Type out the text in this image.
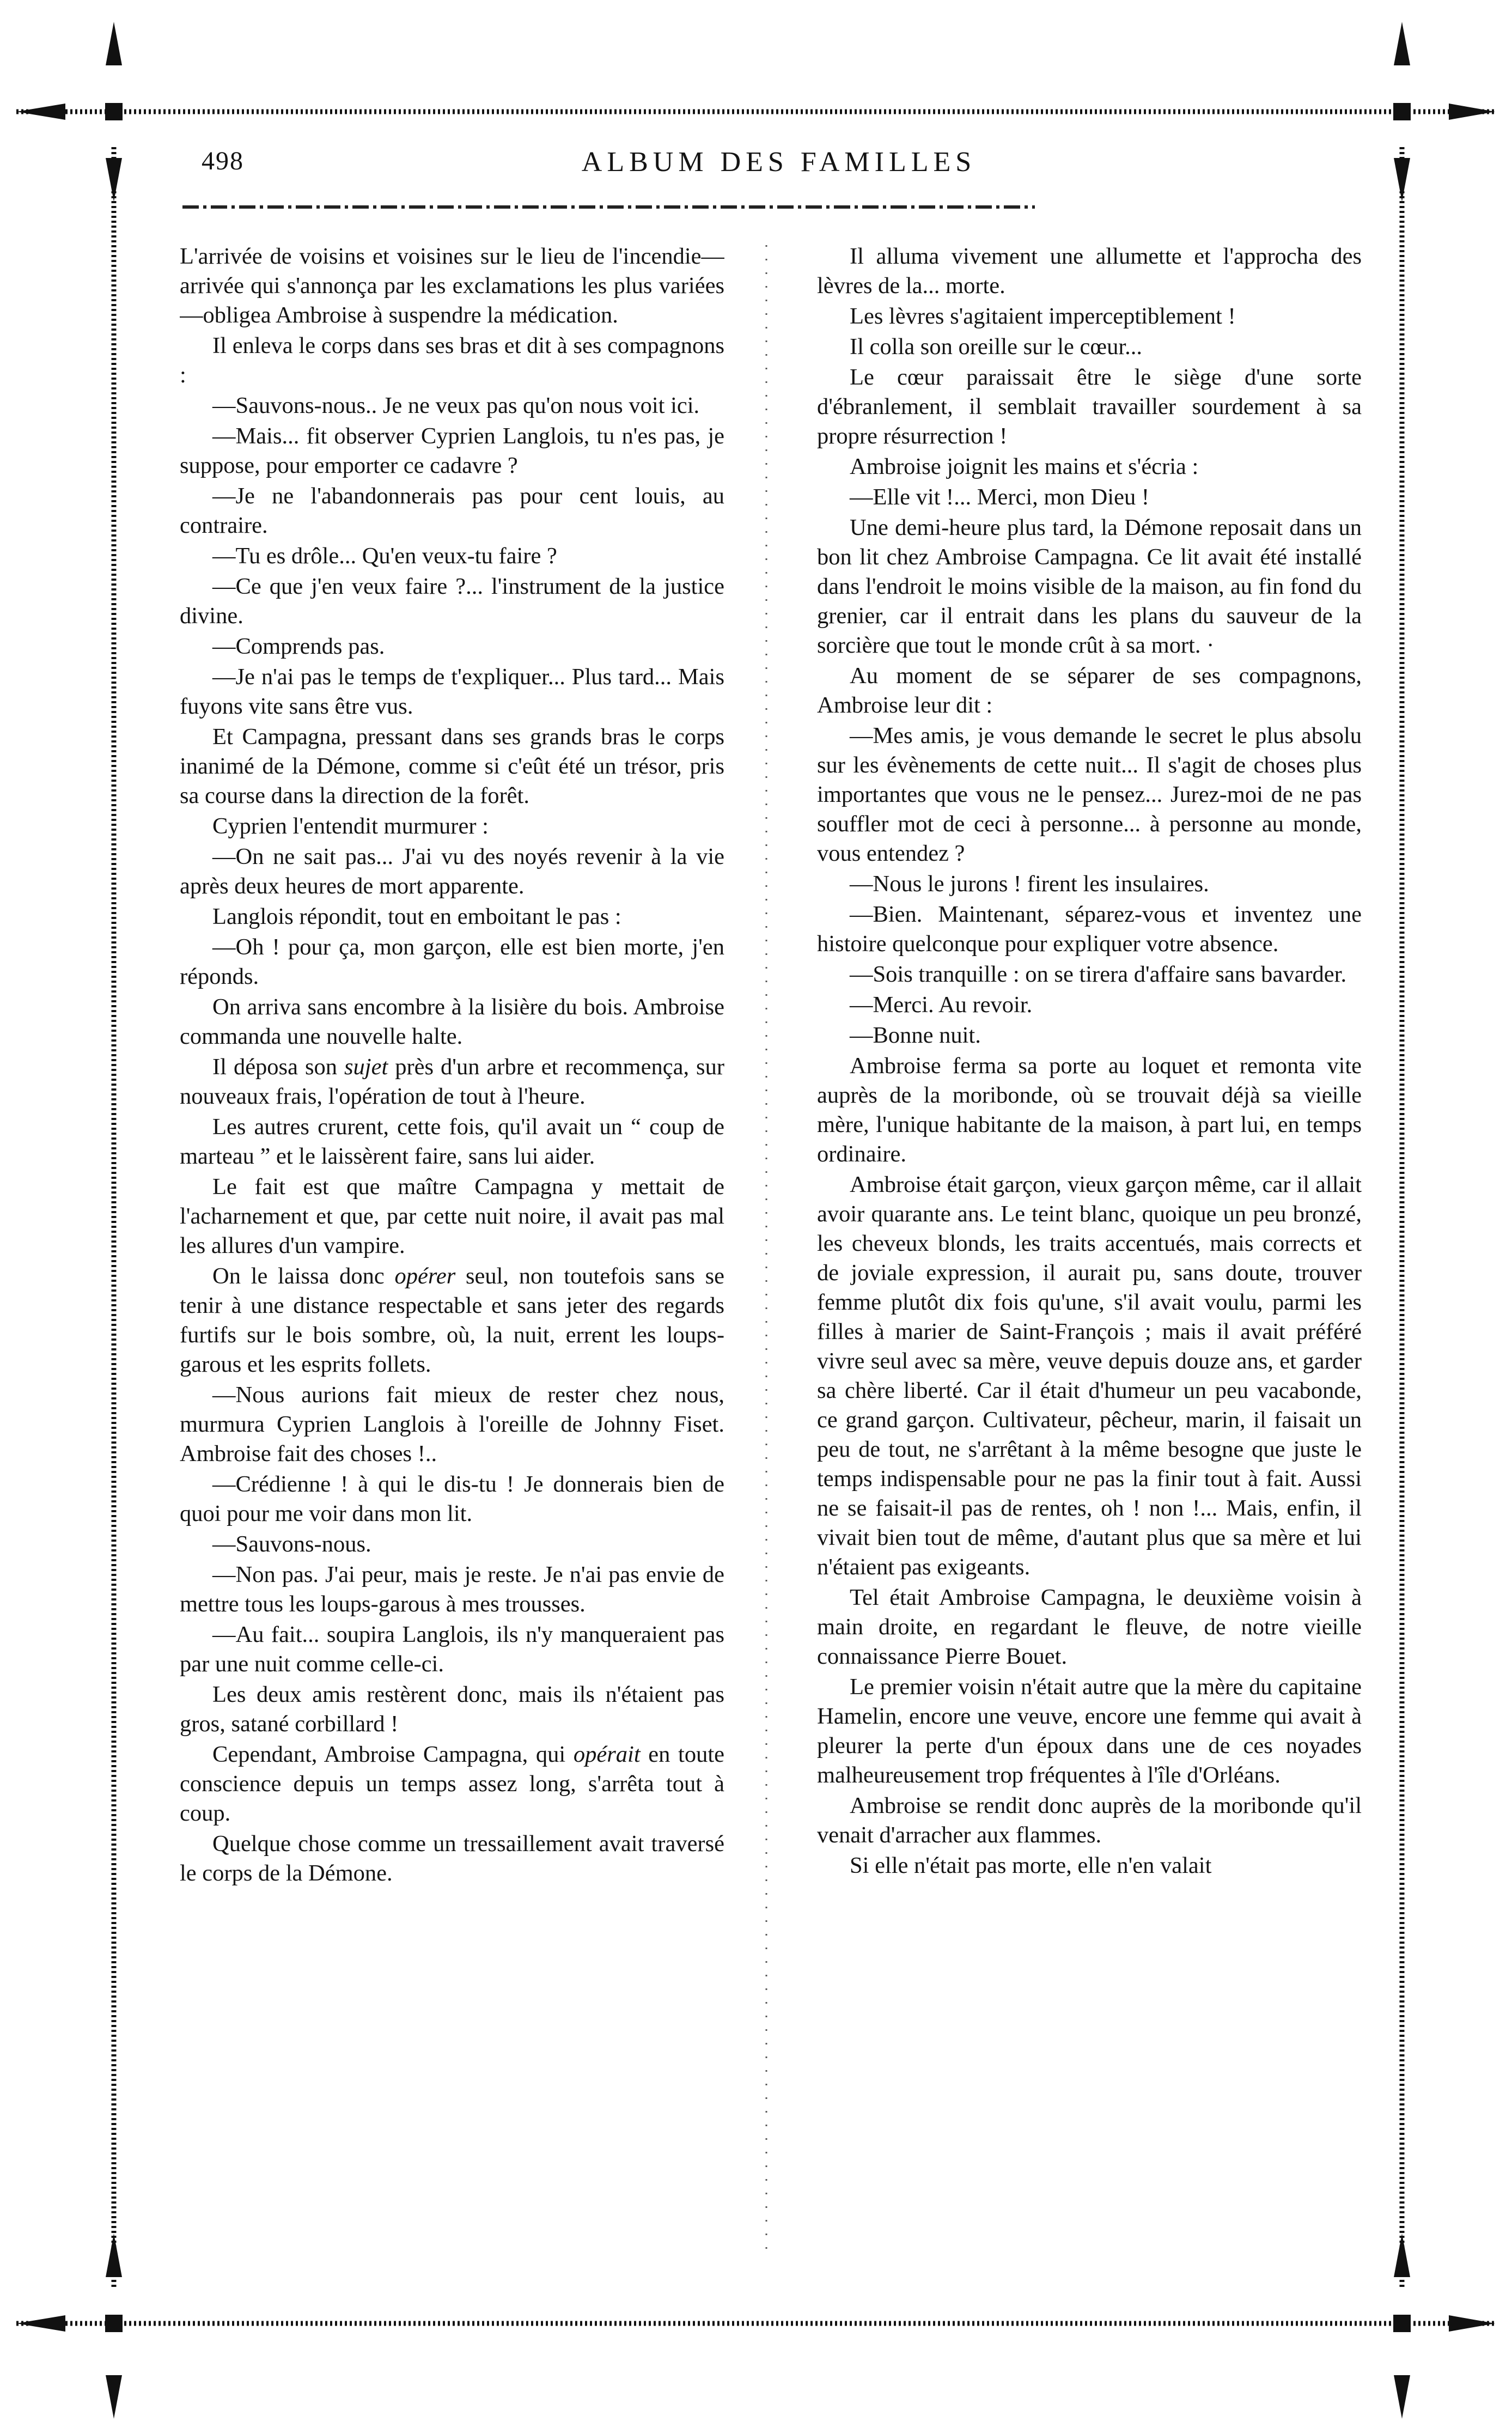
498	ALBUM DES FAMILLES

L'arrivée de voisins et voisines sur le lieu de l'incendie—arrivée qui s'annonça par les exclamations les plus variées—obligea Ambroise à suspendre la médication.

Il enleva le corps dans ses bras et dit à ses compagnons :

—Sauvons-nous.. Je ne veux pas qu'on nous voit ici.

—Mais... fit observer Cyprien Langlois, tu n'es pas, je suppose, pour emporter ce cadavre ?

—Je ne l'abandonnerais pas pour cent louis, au contraire.

—Tu es drôle... Qu'en veux-tu faire ?

—Ce que j'en veux faire ?... l'instrument de la justice divine.

—Comprends pas.

—Je n'ai pas le temps de t'expliquer... Plus tard... Mais fuyons vite sans être vus.

Et Campagna, pressant dans ses grands bras le corps inanimé de la Démone, comme si c'eût été un trésor, pris sa course dans la direction de la forêt.

Cyprien l'entendit murmurer :

—On ne sait pas... J'ai vu des noyés revenir à la vie après deux heures de mort apparente.

Langlois répondit, tout en emboitant le pas :

—Oh ! pour ça, mon garçon, elle est bien morte, j'en réponds.

On arriva sans encombre à la lisière du bois. Ambroise commanda une nouvelle halte.

Il déposa son sujet près d'un arbre et recommença, sur nouveaux frais, l'opération de tout à l'heure.

Les autres crurent, cette fois, qu'il avait un “ coup de marteau ” et le laissèrent faire, sans lui aider.

Le fait est que maître Campagna y mettait de l'acharnement et que, par cette nuit noire, il avait pas mal les allures d'un vampire.

On le laissa donc opérer seul, non toutefois sans se tenir à une distance respectable et sans jeter des regards furtifs sur le bois sombre, où, la nuit, errent les loups-garous et les esprits follets.

—Nous aurions fait mieux de rester chez nous, murmura Cyprien Langlois à l'oreille de Johnny Fiset. Ambroise fait des choses !..

—Crédienne ! à qui le dis-tu ! Je donnerais bien de quoi pour me voir dans mon lit.

—Sauvons-nous.

—Non pas. J'ai peur, mais je reste. Je n'ai pas envie de mettre tous les loups-garous à mes trousses.

—Au fait... soupira Langlois, ils n'y manqueraient pas par une nuit comme celle-ci.

Les deux amis restèrent donc, mais ils n'étaient pas gros, satané corbillard !

Cependant, Ambroise Campagna, qui opérait en toute conscience depuis un temps assez long, s'arrêta tout à coup.

Quelque chose comme un tressaillement avait traversé le corps de la Démone.

Il alluma vivement une allumette et l'approcha des lèvres de la... morte.

Les lèvres s'agitaient imperceptiblement !

Il colla son oreille sur le cœur...

Le cœur paraissait être le siège d'une sorte d'ébranlement, il semblait travailler sourdement à sa propre résurrection !

Ambroise joignit les mains et s'écria :

—Elle vit !... Merci, mon Dieu !

Une demi-heure plus tard, la Démone reposait dans un bon lit chez Ambroise Campagna. Ce lit avait été installé dans l'endroit le moins visible de la maison, au fin fond du grenier, car il entrait dans les plans du sauveur de la sorcière que tout le monde crût à sa mort. ·

Au moment de se séparer de ses compagnons, Ambroise leur dit :

—Mes amis, je vous demande le secret le plus absolu sur les évènements de cette nuit... Il s'agit de choses plus importantes que vous ne le pensez... Jurez-moi de ne pas souffler mot de ceci à personne... à personne au monde, vous entendez ?

—Nous le jurons ! firent les insulaires.

—Bien. Maintenant, séparez-vous et inventez une histoire quelconque pour expliquer votre absence.

—Sois tranquille : on se tirera d'affaire sans bavarder.

—Merci. Au revoir.

—Bonne nuit.

Ambroise ferma sa porte au loquet et remonta vite auprès de la moribonde, où se trouvait déjà sa vieille mère, l'unique habitante de la maison, à part lui, en temps ordinaire.

Ambroise était garçon, vieux garçon même, car il allait avoir quarante ans. Le teint blanc, quoique un peu bronzé, les cheveux blonds, les traits accentués, mais corrects et de joviale expression, il aurait pu, sans doute, trouver femme plutôt dix fois qu'une, s'il avait voulu, parmi les filles à marier de Saint-François ; mais il avait préféré vivre seul avec sa mère, veuve depuis douze ans, et garder sa chère liberté. Car il était d'humeur un peu vacabonde, ce grand garçon. Cultivateur, pêcheur, marin, il faisait un peu de tout, ne s'arrêtant à la même besogne que juste le temps indispensable pour ne pas la finir tout à fait. Aussi ne se faisait-il pas de rentes, oh ! non !... Mais, enfin, il vivait bien tout de même, d'autant plus que sa mère et lui n'étaient pas exigeants.

Tel était Ambroise Campagna, le deuxième voisin à main droite, en regardant le fleuve, de notre vieille connaissance Pierre Bouet.

Le premier voisin n'était autre que la mère du capitaine Hamelin, encore une veuve, encore une femme qui avait à pleurer la perte d'un époux dans une de ces noyades malheureusement trop fréquentes à l'île d'Orléans.

Ambroise se rendit donc auprès de la moribonde qu'il venait d'arracher aux flammes.

Si elle n'était pas morte, elle n'en valait
